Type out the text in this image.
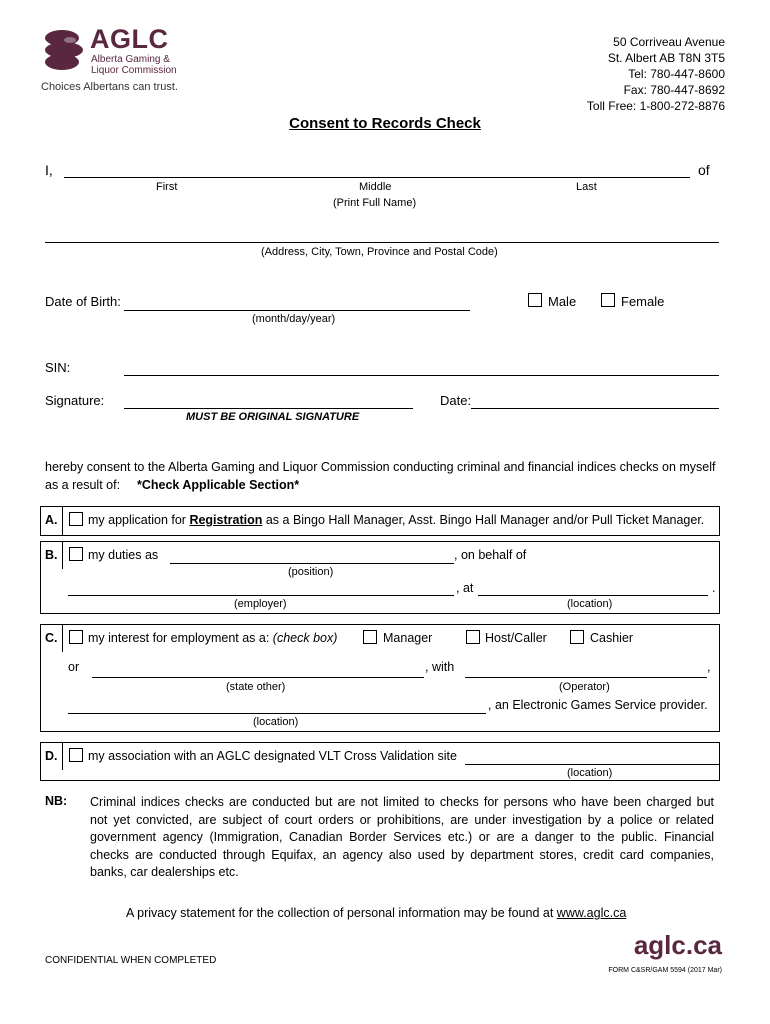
AGLC
Alberta Gaming &
Liquor Commission
Choices Albertans can trust.
50 Corriveau Avenue
St. Albert AB T8N 3T5
Tel: 780-447-8600
Fax: 780-447-8692
Toll Free: 1-800-272-8876
Consent to Records Check
I,	of
First	Middle
(Print Full Name)
Last
(Address, City, Town, Province and Postal Code)
Date of Birth:
(month/day/year)
Male	Female
SIN:
Signature:
MUST BE ORIGINAL SIGNATURE
Date:
hereby consent to the Alberta Gaming and Liquor Commission conducting criminal and financial indices checks on myself
as a result of: *Check Applicable Section*
A. my application for Registration as a Bingo Hall Manager, Asst. Bingo Hall Manager and/or Pull Ticket Manager.
B. my duties as	, on behalf of
(position)
, at	.
(employer)	(location)
C. my interest for employment as a: (check box)	Manager	Host/Caller	Cashier
or	, with	,
(state other)	(Operator)
, an Electronic Games Service provider.
(location)
D. my association with an AGLC designated VLT Cross Validation site
(location)
NB: Criminal indices checks are conducted but are not limited to checks for persons who have been charged but
not yet convicted, are subject of court orders or prohibitions, are under investigation by a police or related
government agency (Immigration, Canadian Border Services etc.) or are a danger to the public. Financial
checks are conducted through Equifax, an agency also used by department stores, credit card companies,
banks, car dealerships etc.
A privacy statement for the collection of personal information may be found at www.aglc.ca
CONFIDENTIAL WHEN COMPLETED
aglc.ca
FORM C&SR/GAM 5594 (2017 Mar)
